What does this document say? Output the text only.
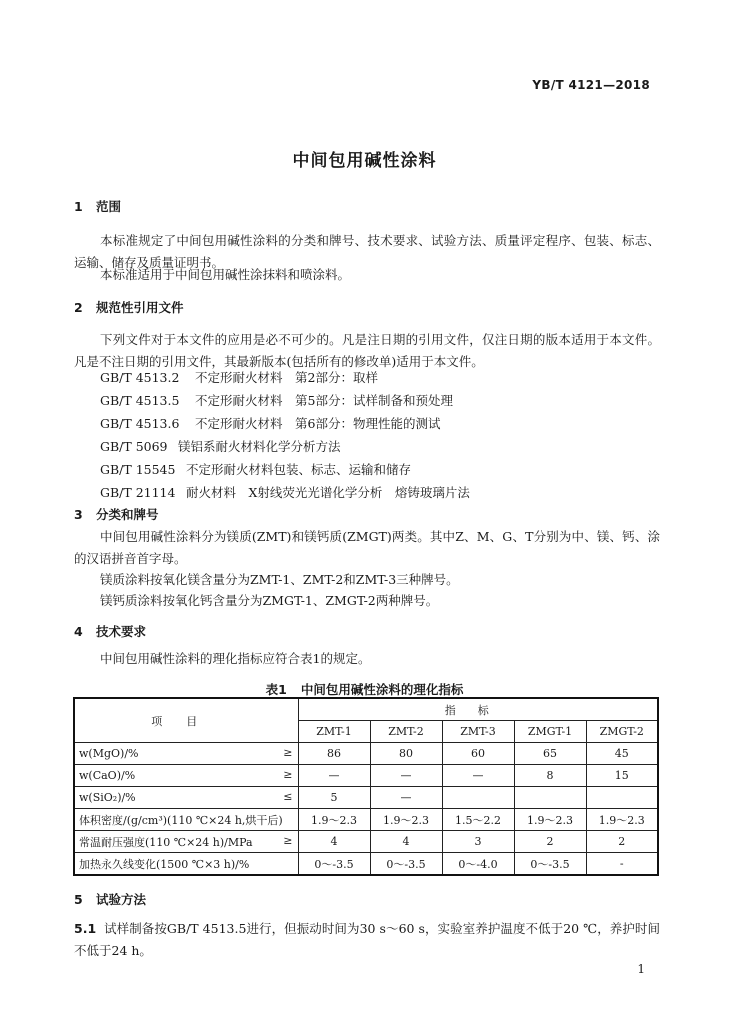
YB/T 4121—2018
中间包用碱性涂料
1 范围
本标准规定了中间包用碱性涂料的分类和牌号、技术要求、试验方法、质量评定程序、包装、标志、运输、储存及质量证明书。
本标准适用于中间包用碱性涂抹料和喷涂料。
2 规范性引用文件
下列文件对于本文件的应用是必不可少的。凡是注日期的引用文件，仅注日期的版本适用于本文件。凡是不注日期的引用文件，其最新版本(包括所有的修改单)适用于本文件。
GB/T 4513.2 不定形耐火材料　第2部分：取样
GB/T 4513.5 不定形耐火材料　第5部分：试样制备和预处理
GB/T 4513.6 不定形耐火材料　第6部分：物理性能的测试
GB/T 5069 镁铝系耐火材料化学分析方法
GB/T 15545 不定形耐火材料包装、标志、运输和储存
GB/T 21114 耐火材料　X射线荧光光谱化学分析　熔铸玻璃片法
3 分类和牌号
中间包用碱性涂料分为镁质(ZMT)和镁钙质(ZMGT)两类。其中Z、M、G、T分别为中、镁、钙、涂的汉语拼音首字母。
镁质涂料按氧化镁含量分为ZMT-1、ZMT-2和ZMT-3三种牌号。
镁钙质涂料按氧化钙含量分为ZMGT-1、ZMGT-2两种牌号。
4 技术要求
中间包用碱性涂料的理化指标应符合表1的规定。
表1 中间包用碱性涂料的理化指标
项目	指标				
	ZMT-1	ZMT-2	ZMT-3	ZMGT-1	ZMGT-2
w(MgO)/% ≥	86	80	60	65	45
w(CaO)/% ≥	—	—	—	8	15
w(SiO₂)/% ≤	5	—			
体积密度/(g/cm³)(110 ℃×24 h,烘干后)	1.9～2.3	1.9～2.3	1.5～2.2	1.9～2.3	1.9～2.3
常温耐压强度(110 ℃×24 h)/MPa ≥	4	4	3	2	2
加热永久线变化(1500 ℃×3 h)/%	0～-3.5	0～-3.5	0～-4.0	0～-3.5	-
5 试验方法
5.1 试样制备按GB/T 4513.5进行，但振动时间为30 s～60 s，实验室养护温度不低于20 ℃，养护时间不低于24 h。
1
